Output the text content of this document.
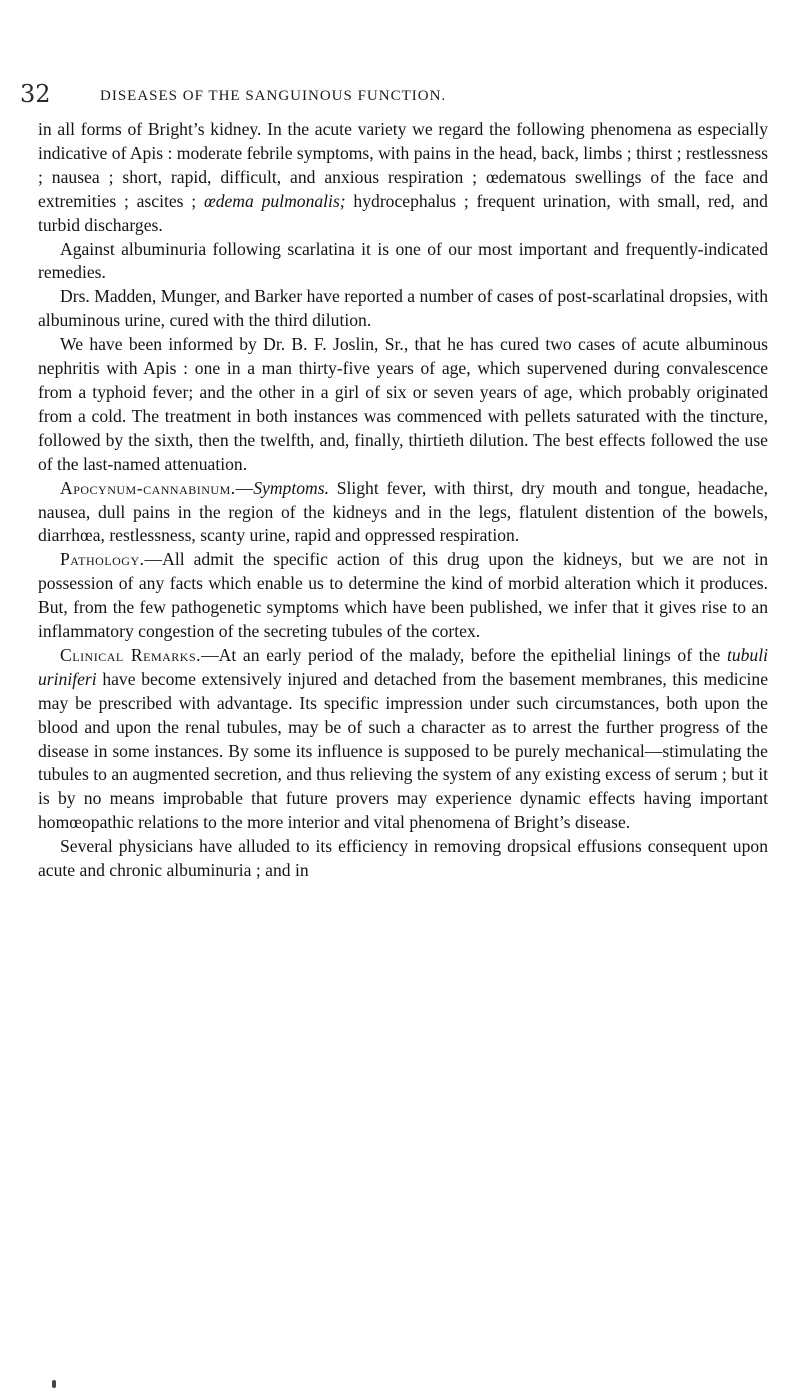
32	DISEASES OF THE SANGUINOUS FUNCTION.

in all forms of Bright’s kidney. In the acute variety we regard the following phenomena as especially indicative of Apis : moderate febrile symptoms, with pains in the head, back, limbs ; thirst ; restlessness ; nausea ; short, rapid, difficult, and anxious respiration ; œdematous swellings of the face and extremities ; ascites ; œdema pulmonalis; hydrocephalus ; frequent urination, with small, red, and turbid discharges.

Against albuminuria following scarlatina it is one of our most important and frequently-indicated remedies.

Drs. Madden, Munger, and Barker have reported a number of cases of post-scarlatinal dropsies, with albuminous urine, cured with the third dilution.

We have been informed by Dr. B. F. Joslin, Sr., that he has cured two cases of acute albuminous nephritis with Apis : one in a man thirty-five years of age, which supervened during convalescence from a typhoid fever; and the other in a girl of six or seven years of age, which probably originated from a cold. The treatment in both instances was commenced with pellets saturated with the tincture, followed by the sixth, then the twelfth, and, finally, thirtieth dilution. The best effects followed the use of the last-named attenuation.

Apocynum-cannabinum.—Symptoms. Slight fever, with thirst, dry mouth and tongue, headache, nausea, dull pains in the region of the kidneys and in the legs, flatulent distention of the bowels, diarrhœa, restlessness, scanty urine, rapid and oppressed respiration.

Pathology.—All admit the specific action of this drug upon the kidneys, but we are not in possession of any facts which enable us to determine the kind of morbid alteration which it produces. But, from the few pathogenetic symptoms which have been published, we infer that it gives rise to an inflammatory congestion of the secreting tubules of the cortex.

Clinical Remarks.—At an early period of the malady, before the epithelial linings of the tubuli uriniferi have become extensively injured and detached from the basement membranes, this medicine may be prescribed with advantage. Its specific impression under such circumstances, both upon the blood and upon the renal tubules, may be of such a character as to arrest the further progress of the disease in some instances. By some its influence is supposed to be purely mechanical—stimulating the tubules to an augmented secretion, and thus relieving the system of any existing excess of serum ; but it is by no means improbable that future provers may experience dynamic effects having important homœopathic relations to the more interior and vital phenomena of Bright’s disease.

Several physicians have alluded to its efficiency in removing dropsical effusions consequent upon acute and chronic albuminuria ; and in
